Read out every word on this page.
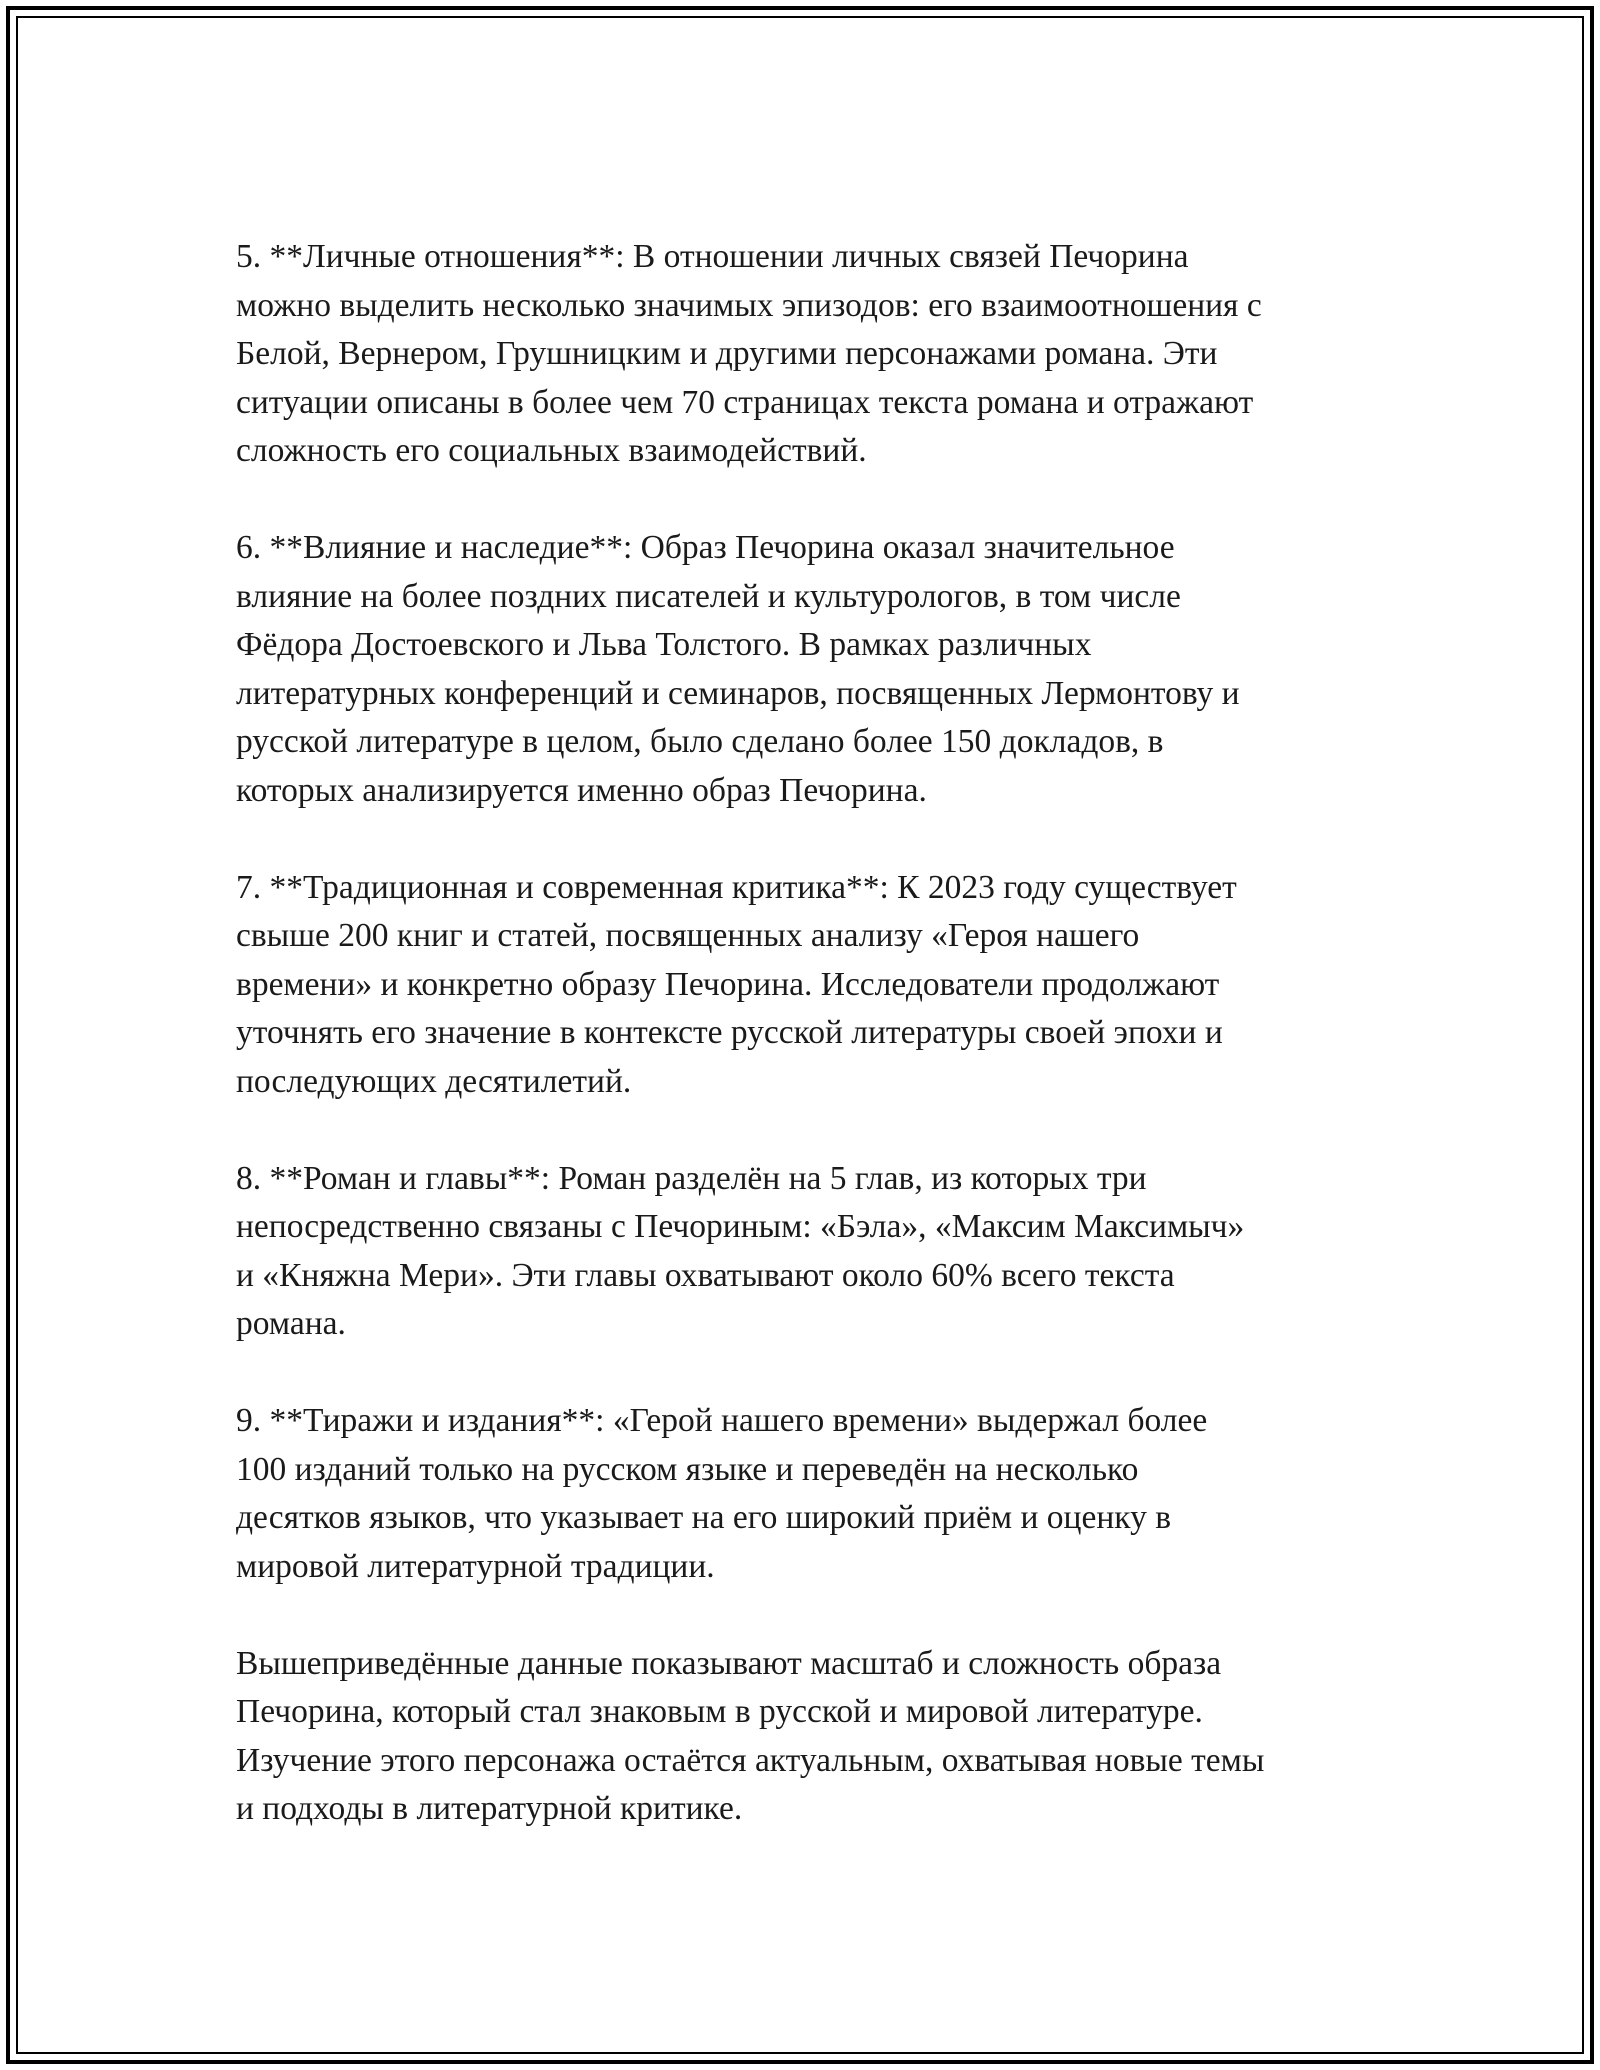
5. **Личные отношения**: В отношении личных связей Печорина
можно выделить несколько значимых эпизодов: его взаимоотношения с
Белой, Вернером, Грушницким и другими персонажами романа. Эти
ситуации описаны в более чем 70 страницах текста романа и отражают
сложность его социальных взаимодействий.

6. **Влияние и наследие**: Образ Печорина оказал значительное
влияние на более поздних писателей и культурологов, в том числе
Фёдора Достоевского и Льва Толстого. В рамках различных
литературных конференций и семинаров, посвященных Лермонтову и
русской литературе в целом, было сделано более 150 докладов, в
которых анализируется именно образ Печорина.

7. **Традиционная и современная критика**: К 2023 году существует
свыше 200 книг и статей, посвященных анализу «Героя нашего
времени» и конкретно образу Печорина. Исследователи продолжают
уточнять его значение в контексте русской литературы своей эпохи и
последующих десятилетий.

8. **Роман и главы**: Роман разделён на 5 глав, из которых три
непосредственно связаны с Печориным: «Бэла», «Максим Максимыч»
и «Княжна Мери». Эти главы охватывают около 60% всего текста
романа.

9. **Тиражи и издания**: «Герой нашего времени» выдержал более
100 изданий только на русском языке и переведён на несколько
десятков языков, что указывает на его широкий приём и оценку в
мировой литературной традиции.

Вышеприведённые данные показывают масштаб и сложность образа
Печорина, который стал знаковым в русской и мировой литературе.
Изучение этого персонажа остаётся актуальным, охватывая новые темы
и подходы в литературной критике.
